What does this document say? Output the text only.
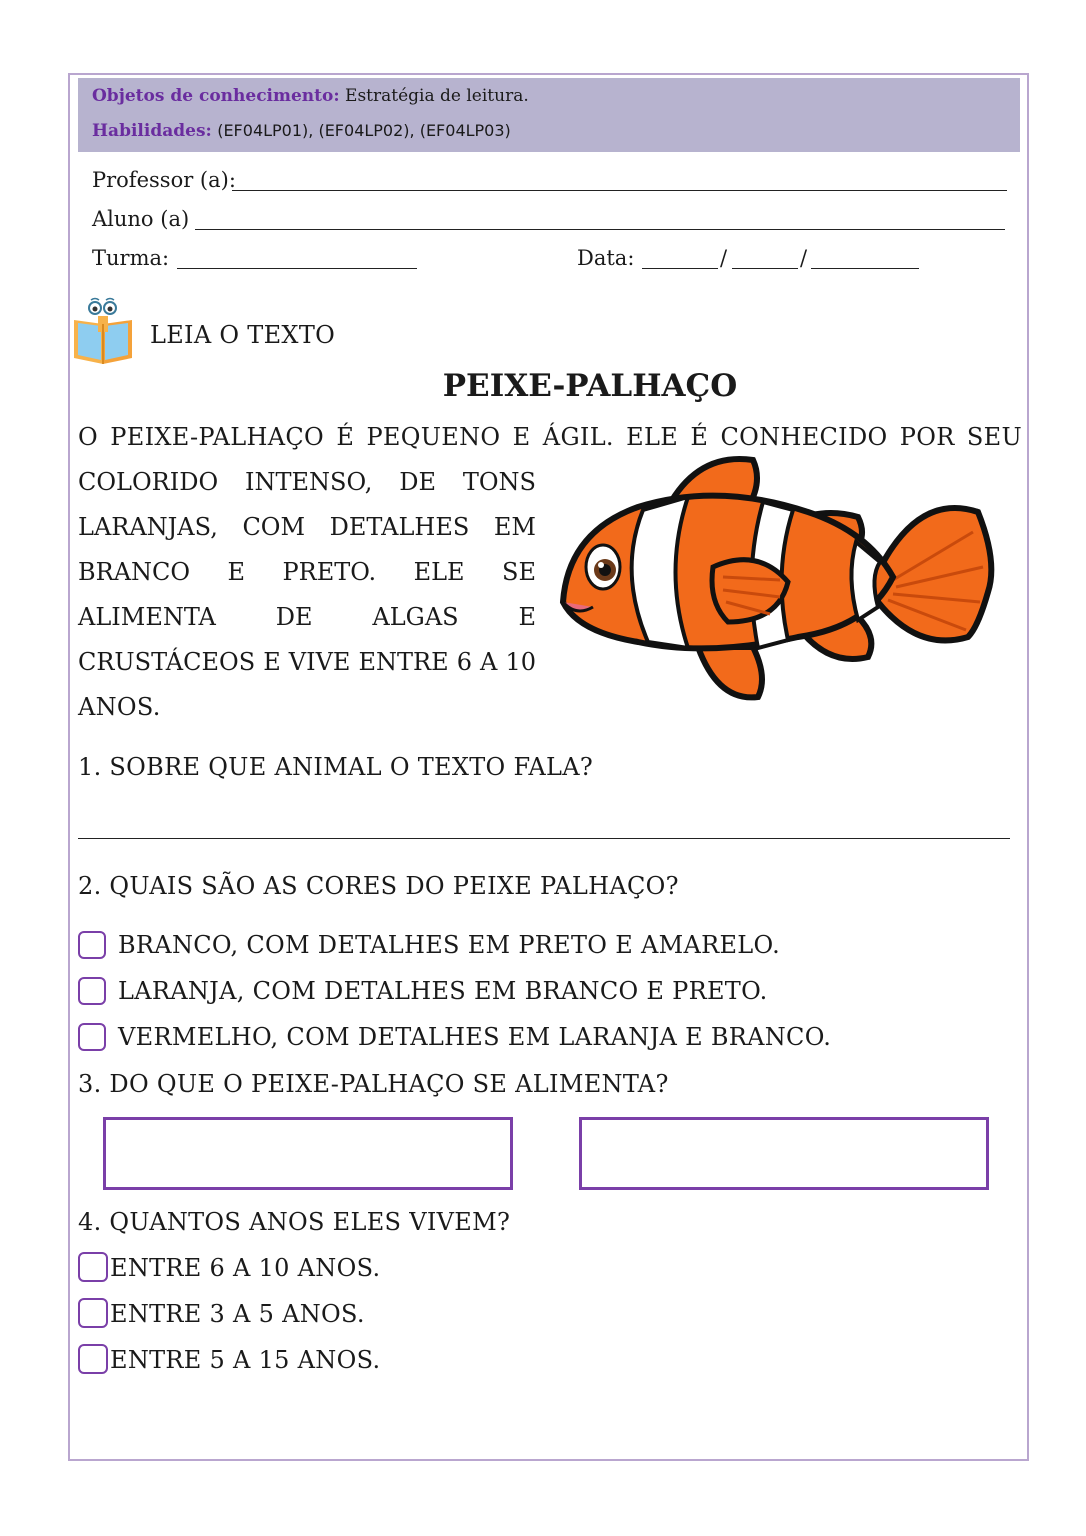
Objetos de conhecimento: Estratégia de leitura.
Habilidades: (EF04LP01), (EF04LP02), (EF04LP03)
Professor (a):
Aluno (a)
Turma:	Data:	/	/
LEIA O TEXTO
PEIXE-PALHAÇO
O PEIXE-PALHAÇO É PEQUENO E ÁGIL. ELE É CONHECIDO POR SEU
COLORIDO INTENSO, DE TONS
LARANJAS, COM DETALHES EM
BRANCO E PRETO. ELE SE
ALIMENTA DE ALGAS E
CRUSTÁCEOS E VIVE ENTRE 6 A 10
ANOS.
1. SOBRE QUE ANIMAL O TEXTO FALA?
2. QUAIS SÃO AS CORES DO PEIXE PALHAÇO?
BRANCO, COM DETALHES EM PRETO E AMARELO.
LARANJA, COM DETALHES EM BRANCO E PRETO.
VERMELHO, COM DETALHES EM LARANJA E BRANCO.
3. DO QUE O PEIXE-PALHAÇO SE ALIMENTA?
4. QUANTOS ANOS ELES VIVEM?
ENTRE 6 A 10 ANOS.
ENTRE 3 A 5 ANOS.
ENTRE 5 A 15 ANOS.
